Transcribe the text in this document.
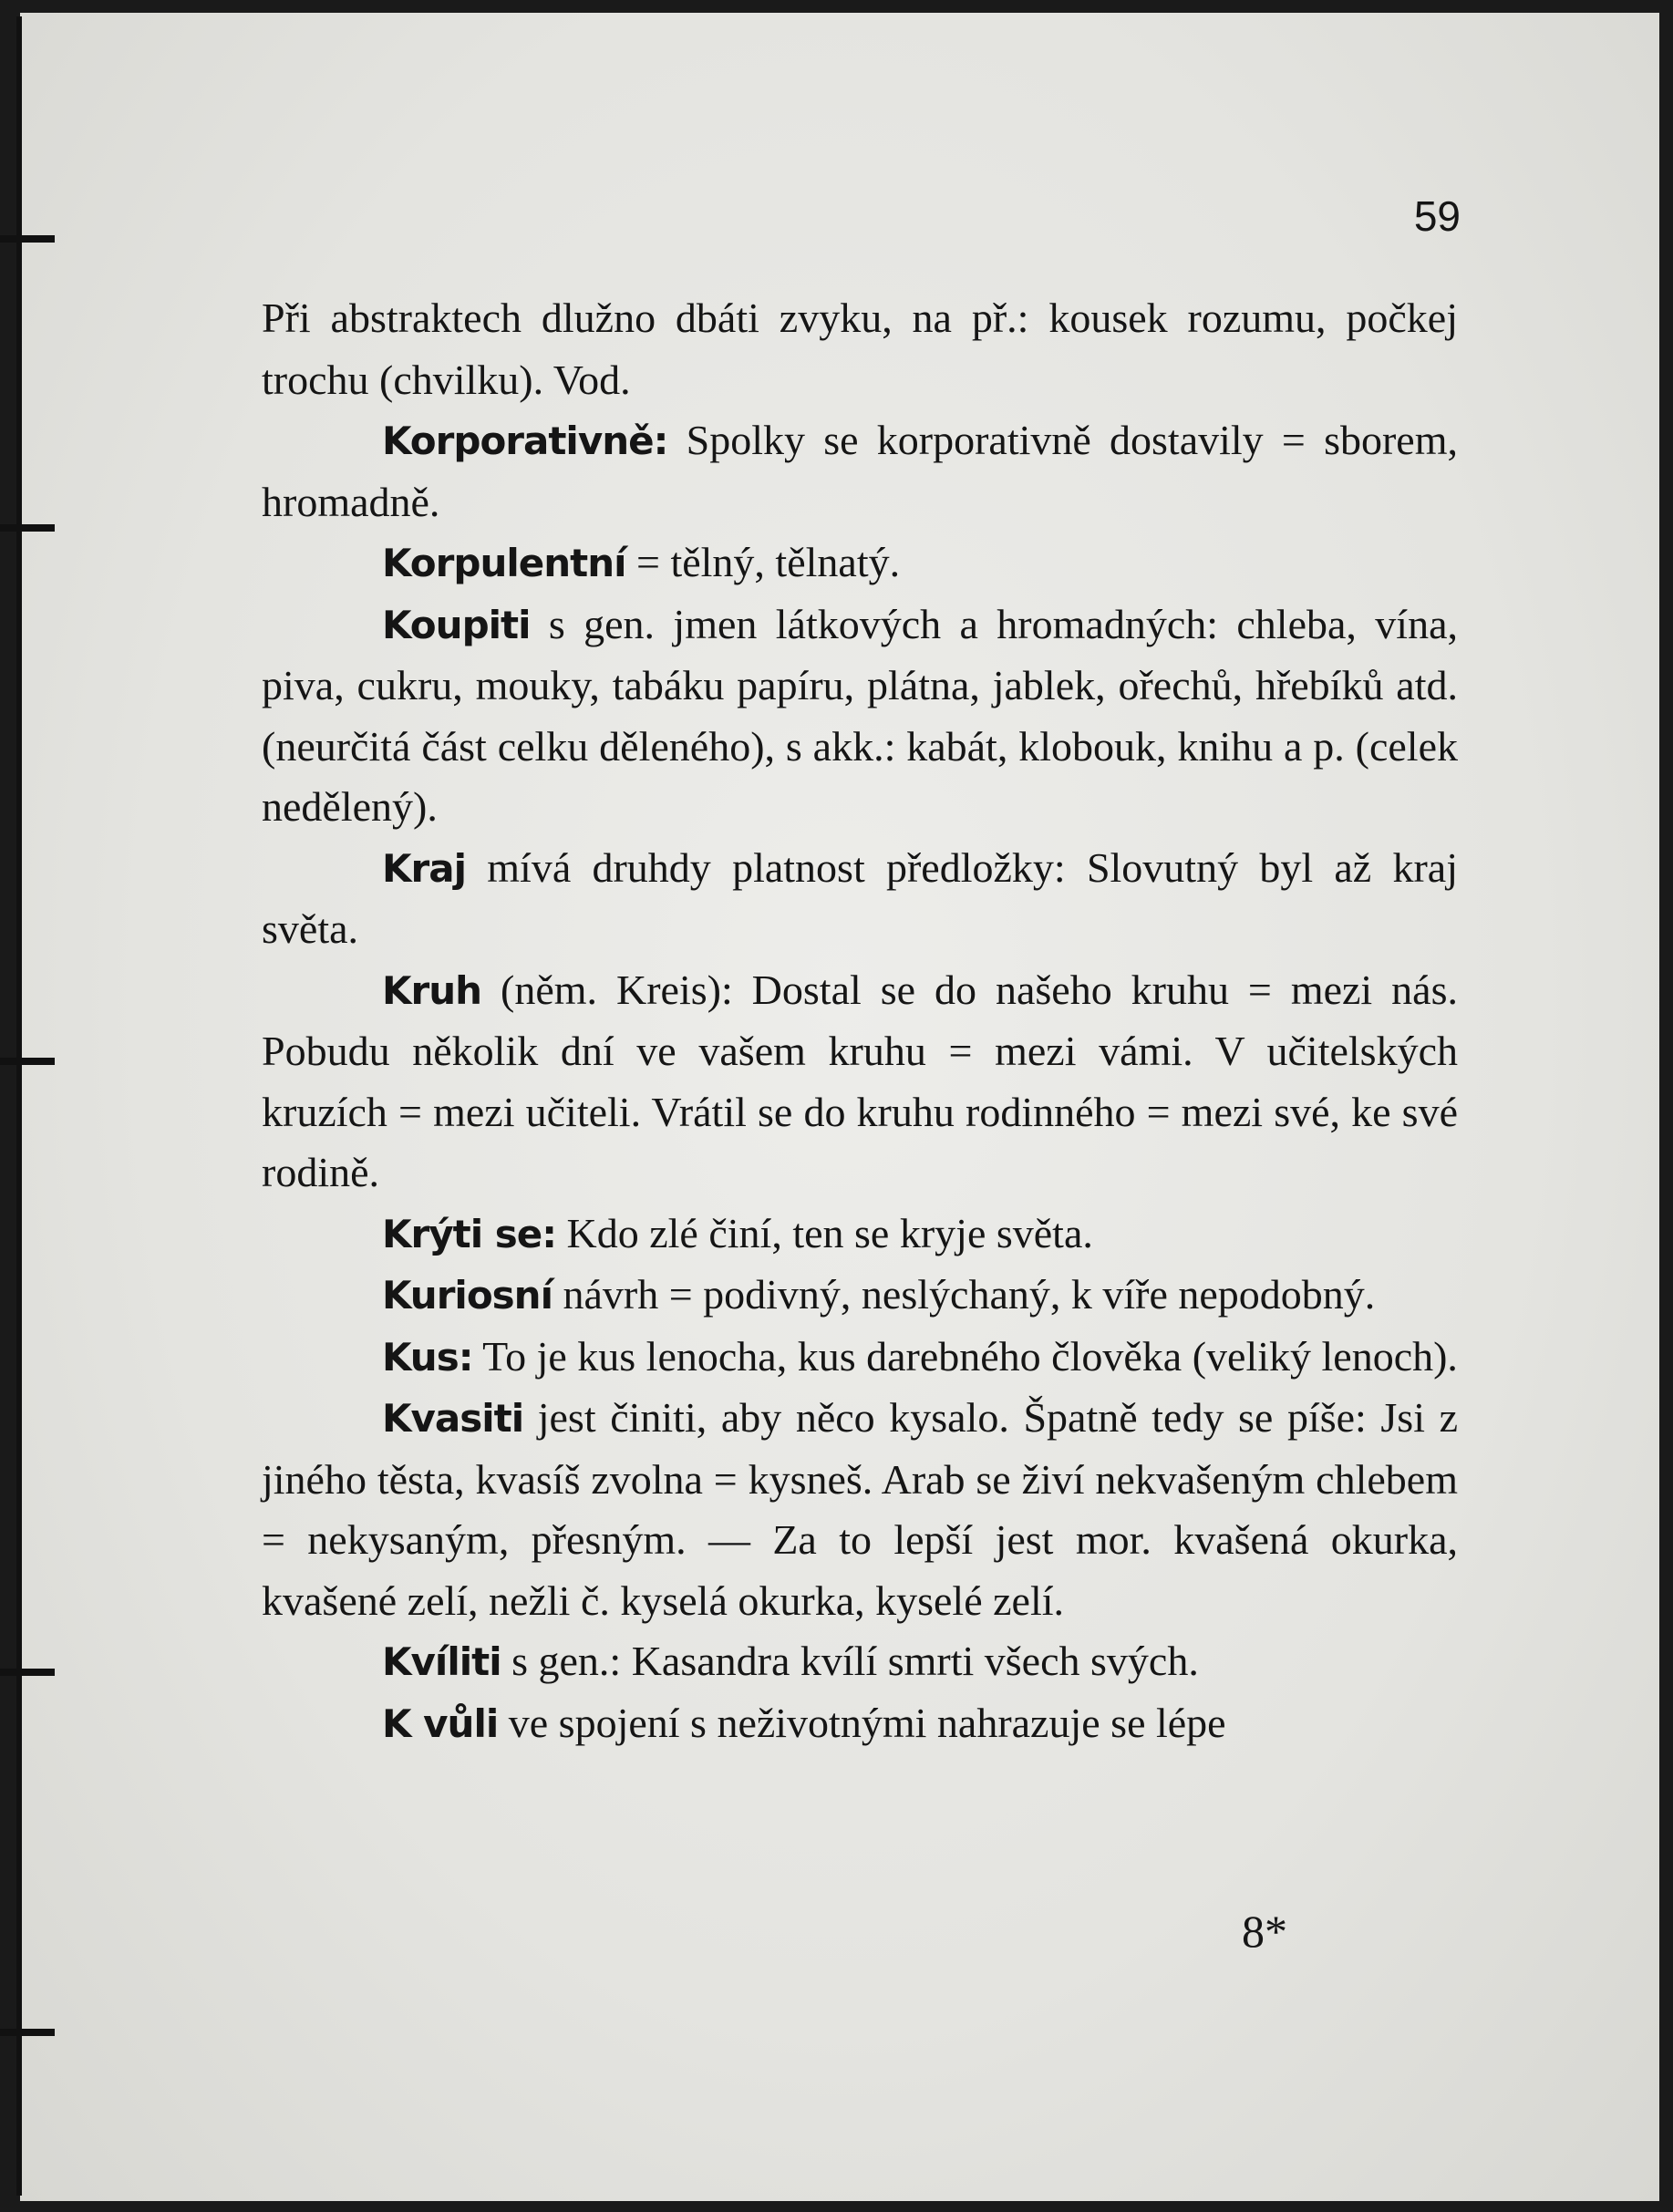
59

Při abstraktech dlužno dbáti zvyku, na př.: kousek rozumu, počkej trochu (chvilku). Vod.

Korporativně: Spolky se korporativně dostavily = sborem, hromadně.

Korpulentní = tělný, tělnatý.

Koupiti s gen. jmen látkových a hromadných: chleba, vína, piva, cukru, mouky, tabáku papíru, plátna, jablek, ořechů, hřebíků atd. (neurčitá část celku děleného), s akk.: kabát, klobouk, knihu a p. (celek nedělený).

Kraj mívá druhdy platnost předložky: Slovutný byl až kraj světa.

Kruh (něm. Kreis): Dostal se do našeho kruhu = mezi nás. Pobudu několik dní ve vašem kruhu = mezi vámi. V učitelských kruzích = mezi učiteli. Vrátil se do kruhu rodinného = mezi své, ke své rodině.

Krýti se: Kdo zlé činí, ten se kryje světa.

Kuriosní návrh = podivný, neslýchaný, k víře nepodobný.

Kus: To je kus lenocha, kus darebného člověka (veliký lenoch).

Kvasiti jest činiti, aby něco kysalo. Špatně tedy se píše: Jsi z jiného těsta, kvasíš zvolna = kysneš. Arab se živí nekvašeným chlebem = nekysaným, přesným. — Za to lepší jest mor. kvašená okurka, kvašené zelí, nežli č. kyselá okurka, kyselé zelí.

Kvíliti s gen.: Kasandra kvílí smrti všech svých.

K vůli ve spojení s neživotnými nahrazuje se lépe

8*
